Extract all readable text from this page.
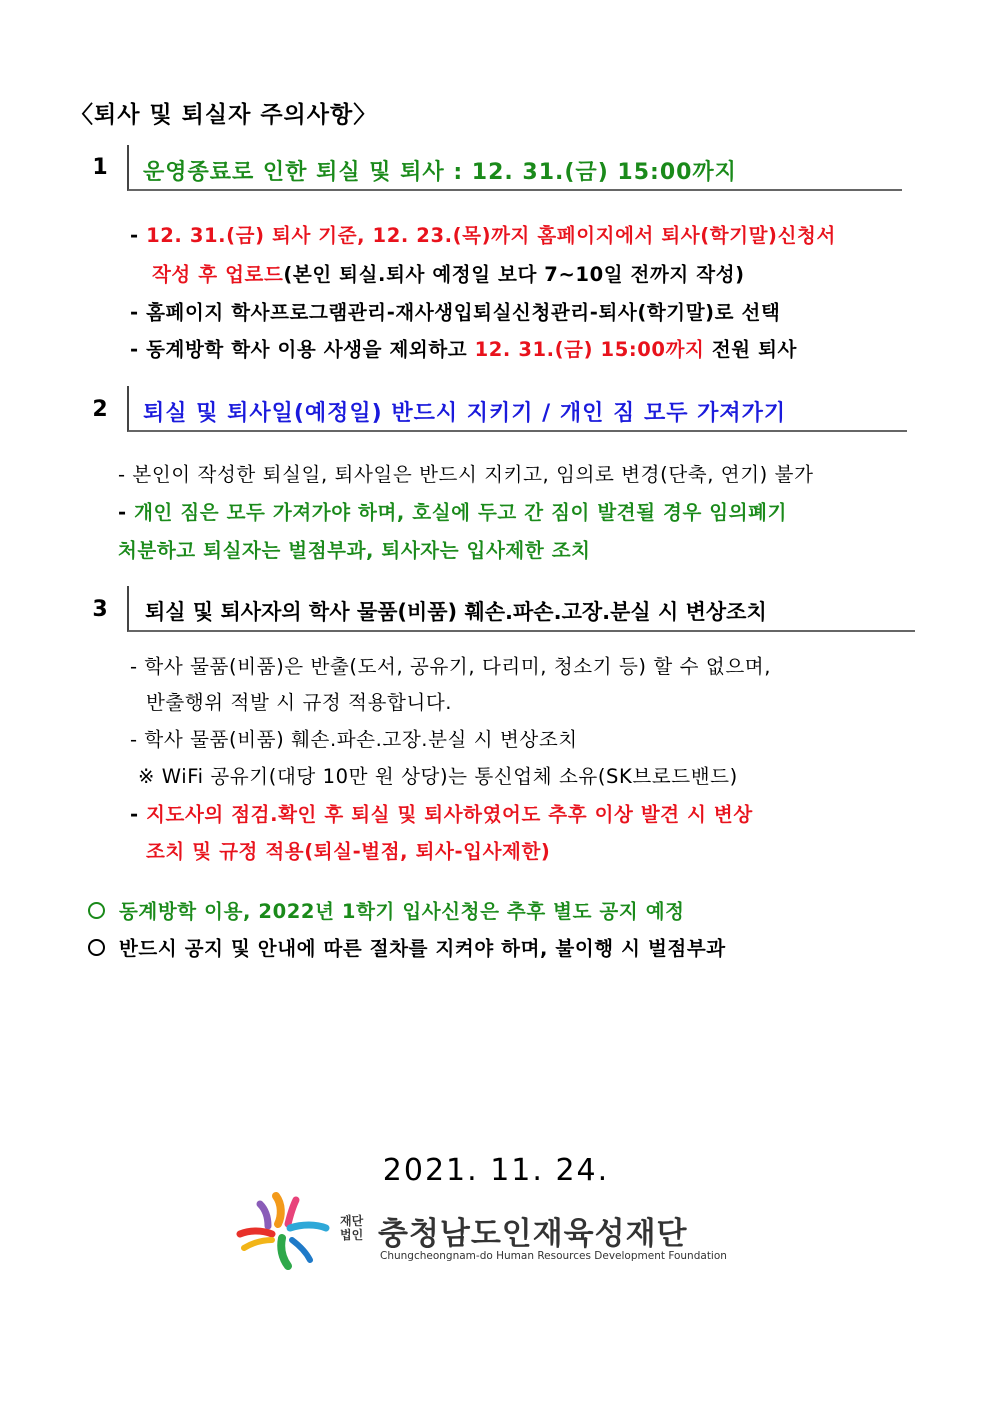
〈퇴사 및 퇴실자 주의사항〉
1	운영종료로 인한 퇴실 및 퇴사 : 12. 31.(금) 15:00까지
- 12. 31.(금) 퇴사 기준, 12. 23.(목)까지 홈페이지에서 퇴사(학기말)신청서
작성 후 업로드(본인 퇴실.퇴사 예정일 보다 7~10일 전까지 작성)
- 홈페이지 학사프로그램관리-재사생입퇴실신청관리-퇴사(학기말)로 선택
- 동계방학 학사 이용 사생을 제외하고 12. 31.(금) 15:00까지 전원 퇴사
2	퇴실 및 퇴사일(예정일) 반드시 지키기 / 개인 짐 모두 가져가기
- 본인이 작성한 퇴실일, 퇴사일은 반드시 지키고, 임의로 변경(단축, 연기) 불가
- 개인 짐은 모두 가져가야 하며, 호실에 두고 간 짐이 발견될 경우 임의폐기
처분하고 퇴실자는 벌점부과, 퇴사자는 입사제한 조치
3	퇴실 및 퇴사자의 학사 물품(비품) 훼손.파손.고장.분실 시 변상조치
- 학사 물품(비품)은 반출(도서, 공유기, 다리미, 청소기 등) 할 수 없으며,
반출행위 적발 시 규정 적용합니다.
- 학사 물품(비품) 훼손.파손.고장.분실 시 변상조치
※ WiFi 공유기(대당 10만 원 상당)는 통신업체 소유(SK브로드밴드)
- 지도사의 점검.확인 후 퇴실 및 퇴사하였어도 추후 이상 발견 시 변상
조치 및 규정 적용(퇴실-벌점, 퇴사-입사제한)
동계방학 이용, 2022년 1학기 입사신청은 추후 별도 공지 예정
반드시 공지 및 안내에 따른 절차를 지켜야 하며, 불이행 시 벌점부과
2021. 11. 24.
재단
법인 충청남도인재육성재단
Chungcheongnam-do Human Resources Development Foundation
